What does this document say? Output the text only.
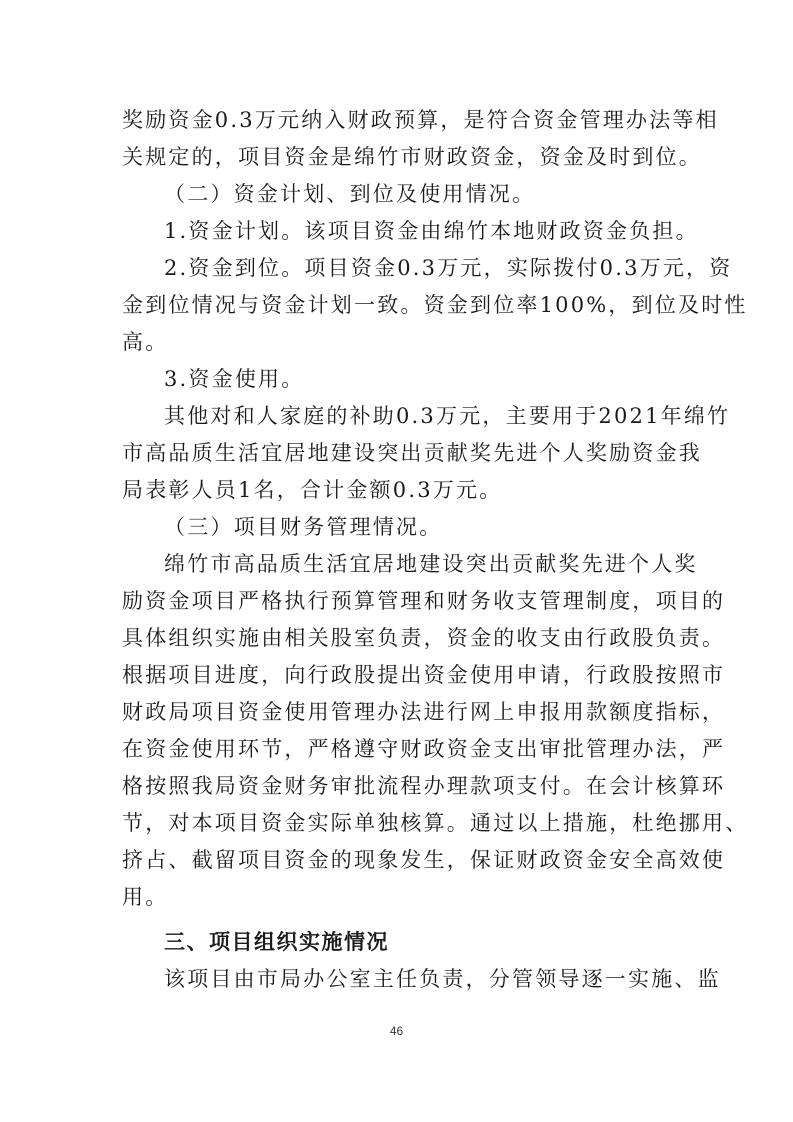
奖励资金0.3万元纳入财政预算，是符合资金管理办法等相
关规定的，项目资金是绵竹市财政资金，资金及时到位。
（二）资金计划、到位及使用情况。
1.资金计划。该项目资金由绵竹本地财政资金负担。
2.资金到位。项目资金0.3万元，实际拨付0.3万元，资
金到位情况与资金计划一致。资金到位率100%，到位及时性
高。
3.资金使用。
其他对和人家庭的补助0.3万元，主要用于2021年绵竹
市高品质生活宜居地建设突出贡献奖先进个人奖励资金我
局表彰人员1名，合计金额0.3万元。
（三）项目财务管理情况。
绵竹市高品质生活宜居地建设突出贡献奖先进个人奖
励资金项目严格执行预算管理和财务收支管理制度，项目的
具体组织实施由相关股室负责，资金的收支由行政股负责。
根据项目进度，向行政股提出资金使用申请，行政股按照市
财政局项目资金使用管理办法进行网上申报用款额度指标，
在资金使用环节，严格遵守财政资金支出审批管理办法，严
格按照我局资金财务审批流程办理款项支付。在会计核算环
节，对本项目资金实际单独核算。通过以上措施，杜绝挪用、
挤占、截留项目资金的现象发生，保证财政资金安全高效使
用。
三、项目组织实施情况
该项目由市局办公室主任负责，分管领导逐一实施、监
46
